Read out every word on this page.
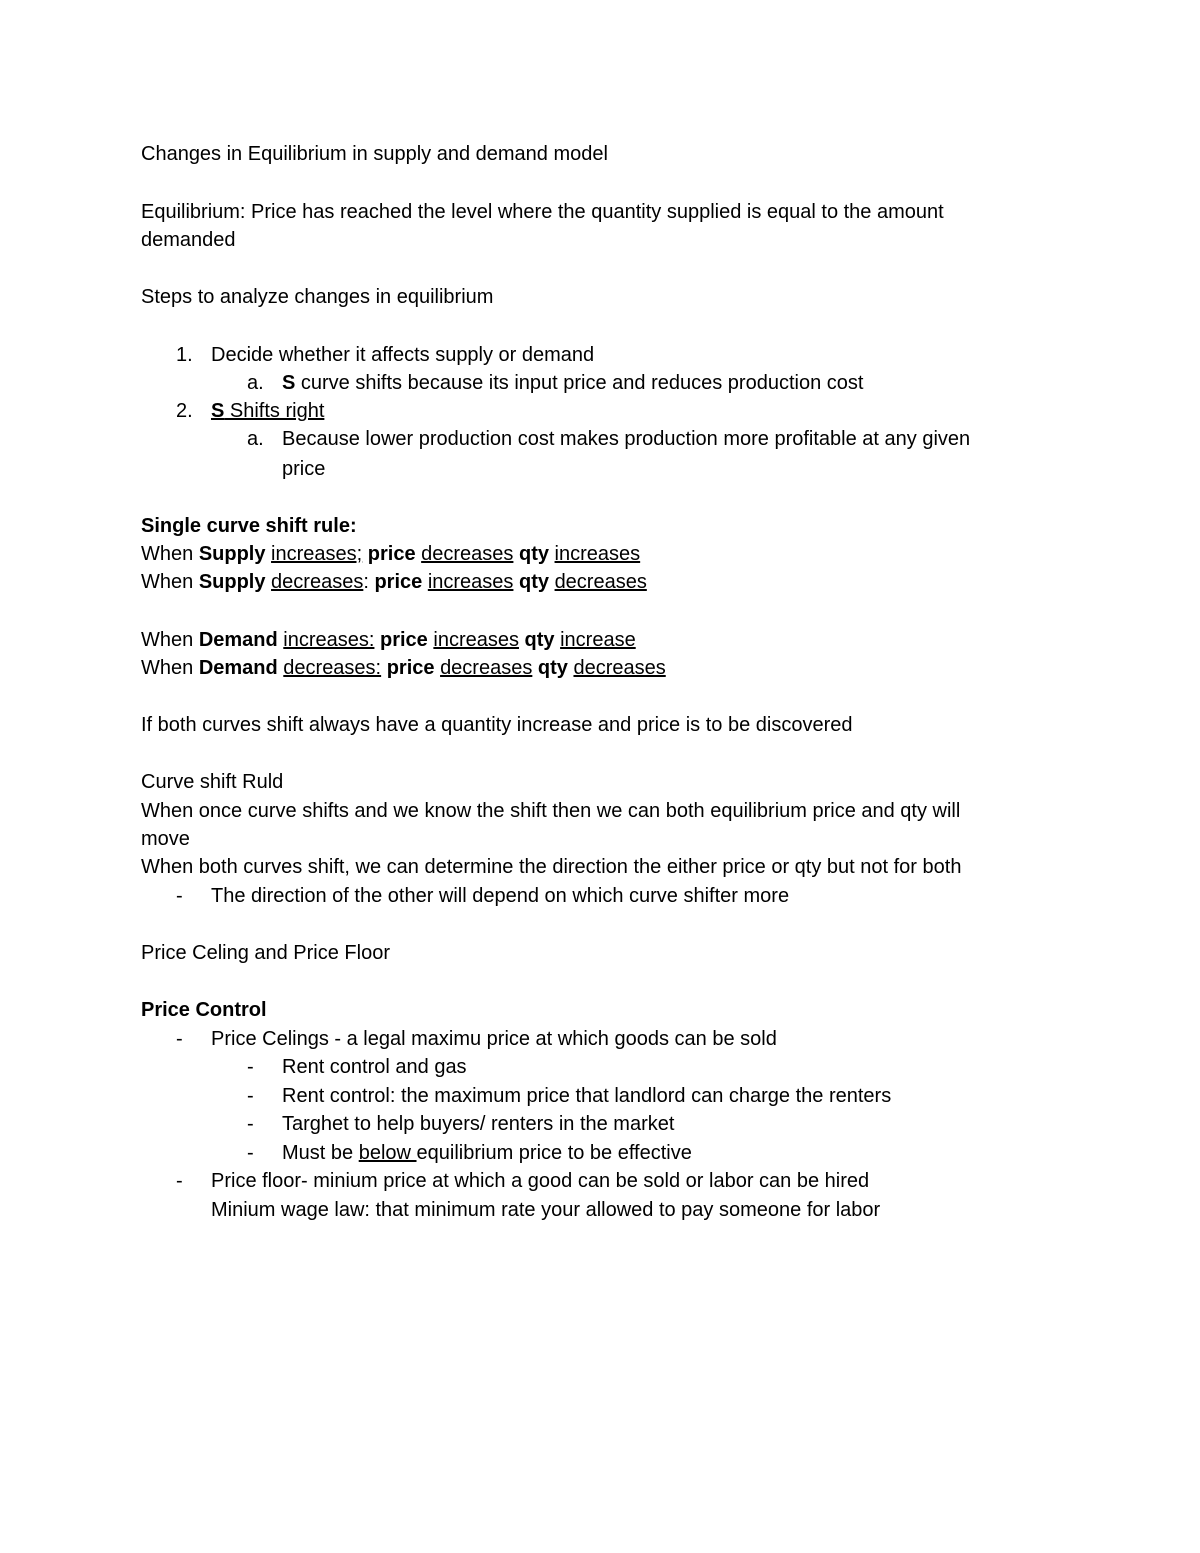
Changes in Equilibrium in supply and demand model
Equilibrium: Price has reached the level where the quantity supplied is equal to the amount
demanded
Steps to analyze changes in equilibrium
1. Decide whether it affects supply or demand
a. S curve shifts because its input price and reduces production cost
2. S Shifts right
a. Because lower production cost makes production more profitable at any given
price
Single curve shift rule:
When Supply increases; price decreases qty increases
When Supply decreases: price increases qty decreases
When Demand increases: price increases qty increase
When Demand decreases: price decreases qty decreases
If both curves shift always have a quantity increase and price is to be discovered
Curve shift Ruld
When once curve shifts and we know the shift then we can both equilibrium price and qty will
move
When both curves shift, we can determine the direction the either price or qty but not for both
- The direction of the other will depend on which curve shifter more
Price Celing and Price Floor
Price Control
- Price Celings - a legal maximu price at which goods can be sold
- Rent control and gas
- Rent control: the maximum price that landlord can charge the renters
- Targhet to help buyers/ renters in the market
- Must be below equilibrium price to be effective
- Price floor- minium price at which a good can be sold or labor can be hired
Minium wage law: that minimum rate your allowed to pay someone for labor
